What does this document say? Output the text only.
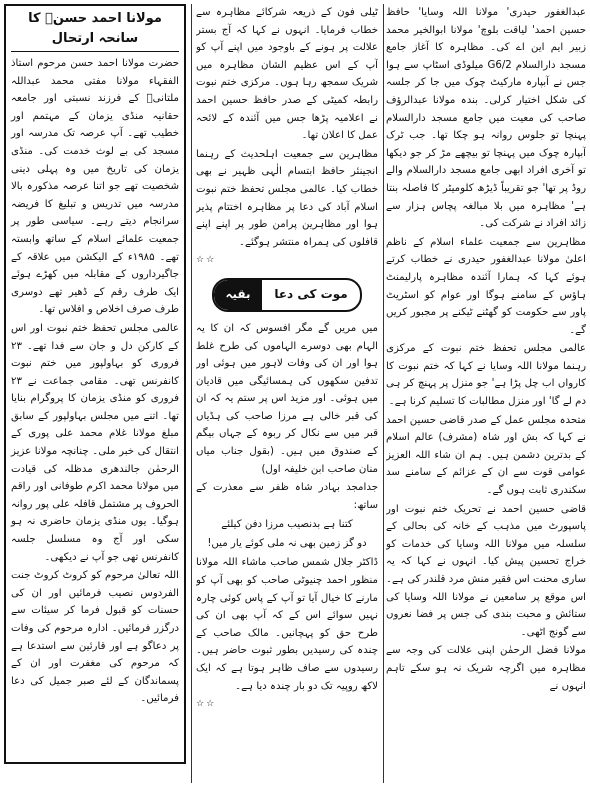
عبدالغفور حیدری' مولانا اللہ وسایا' حافظ حسین احمد' لیاقت بلوچ' مولانا ابوالخیر محمد زبیر ایم این اے کی۔ مظاہرہ کا آغاز جامع مسجد دارالسلام G6/2 میلوڈی اسٹاپ سے ہوا جس نے آبپارہ مارکیٹ چوک میں جا کر جلسہ کی شکل اختیار کرلی۔ بندہ مولانا عبدالرؤف صاحب کی معیت میں جامع مسجد دارالسلام پہنچا تو جلوس روانہ ہو چکا تھا۔ جب ٹرک آبپارہ چوک میں پہنچا تو بیچھے مڑ کر جو دیکھا تو آخری افراد ابھی جامع مسجد دارالسلام والے روڈ پر تھا' جو تقریباً ڈیڑھ کلومیٹر کا فاصلہ بنتا ہے' مظاہرہ میں بلا مبالغہ پچاس ہزار سے زائد افراد نے شرکت کی۔

مظاہرین سے جمعیت علماء اسلام کے ناظم اعلیٰ مولانا عبدالغفور حیدری نے خطاب کرتے ہوئے کہا کہ ہمارا آئندہ مظاہرہ پارلیمنٹ ہاؤس کے سامنے ہوگا اور عوام کو اسٹریٹ پاور سے حکومت کو گھٹنے ٹیکنے پر مجبور کریں گے۔

عالمی مجلس تحفظ ختم نبوت کے مرکزی رہنما مولانا اللہ وسایا نے کہا کہ ختم نبوت کا کارواں اب چل پڑا ہے' جو منزل پر پہنچ کر ہی دم لے گا' اور منزل مطالبات کا تسلیم کرنا ہے۔

متحدہ مجلس عمل کے صدر قاضی حسین احمد نے کہا کہ بش اور شاہ (مشرف) عالم اسلام کے بدترین دشمن ہیں۔ ہم ان شاء اللہ العزیز عوامی قوت سے ان کے عزائم کے سامنے سد سکندری ثابت ہوں گے۔

قاضی حسین احمد نے تحریک ختم نبوت اور پاسپورٹ میں مذہب کے خانہ کی بحالی کے سلسلہ میں مولانا اللہ وسایا کی خدمات کو خراج تحسین پیش کیا۔ انہوں نے کہا کہ یہ ساری محنت اس فقیر منش مرد قلندر کی ہے۔ اس موقع پر سامعین نے مولانا اللہ وسایا کی ستائش و محبت بندی کی جس پر فضا نعروں سے گونج اٹھی۔

مولانا فضل الرحمٰن اپنی علالت کی وجہ سے مظاہرہ میں اگرچہ شریک نہ ہو سکے تاہم انہوں نے

ٹیلی فون کے ذریعہ شرکائے مظاہرہ سے خطاب فرمایا۔ انہوں نے کہا کہ آج بستر علالت پر ہونے کے باوجود میں اپنے آپ کو آپ کے اس عظیم الشان مظاہرہ میں شریک سمجھ رہا ہوں۔ مرکزی ختم نبوت رابطہ کمیٹی کے صدر حافظ حسین احمد نے اعلامیہ پڑھا جس میں آئندہ کے لائحہ عمل کا اعلان تھا۔

مظاہرین سے جمعیت اہلحدیث کے رہنما انجینئر حافظ ابتسام الٰہی ظہیر نے بھی خطاب کیا۔ عالمی مجلس تحفظ ختم نبوت اسلام آباد کی دعا پر مظاہرہ اختتام پذیر ہوا اور مظاہرین پرامن طور پر اپنے اپنے قافلوں کی ہمراہ منتشر ہوگئے۔

☆☆
بقیہ	موت کی دعا

میں مریں گے مگر افسوس کہ ان کا یہ الہام بھی دوسرے الہاموں کی طرح غلط ہوا اور ان کی وفات لاہور میں ہوئی اور تدفین سکھوں کی ہمسائیگی میں قادیان میں ہوئی۔ اور مزید اس پر ستم یہ کہ ان کی قبر خالی ہے مرزا صاحب کی ہڈیاں قبر میں سے نکال کر ربوہ کے جہاں بیگم کے صندوق میں ہیں۔ (بقول جناب میاں منان صاحب ابن خلیفہ اول)

جدامجد بہادر شاہ ظفر سے معذرت کے ساتھ:

کتنا ہے بدنصیب مرزا دفن کیلئے
دو گز زمین بھی نہ ملی کوئے یار میں!

ڈاکٹر جلال شمس صاحب ماشاء اللہ مولانا منظور احمد چنیوٹی صاحب کو بھی آپ کو مارنے کا خیال آیا تو آپ کے پاس کوئی چارہ نہیں سوائے اس کے کہ آپ بھی ان کی طرح حق کو پہچانیں۔ مالک صاحب کے چندہ کی رسیدیں بطور ثبوت حاضر ہیں۔ رسیدوں سے صاف ظاہر ہوتا ہے کہ ایک لاکھ روپیہ تک دو بار چندہ دیا ہے۔

☆☆
مولانا احمد حسنؒ کا سانحہ ارتحال

حضرت مولانا احمد حسن مرحوم استاذ الفقہاء مولانا مفتی محمد عبداللہ ملتانیؒ کے فرزند نسبتی اور جامعہ حقانیہ منڈی یزمان کے مہتمم اور خطیب تھے۔ آپ عرصہ تک مدرسہ اور مسجد کی بے لوث خدمت کی۔ منڈی یزمان کی تاریخ میں وہ پہلی دینی شخصیت تھے جو اتنا عرصہ مذکورہ بالا مدرسہ میں تدریس و تبلیغ کا فریضہ سرانجام دیتے رہے۔ سیاسی طور پر جمعیت علمائے اسلام کے ساتھ وابستہ تھے۔ ۱۹۸۵ء کے الیکشن میں علاقہ کے جاگیرداروں کے مقابلہ میں کھڑے ہوئے ایک طرف رقم کے ڈھیر تھے دوسری طرف صرف اخلاص و افلاس تھا۔

عالمی مجلس تحفظ ختم نبوت اور اس کے کارکن دل و جان سے فدا تھے۔ ۲۳ فروری کو بہاولپور میں ختم نبوت کانفرنس تھی۔ مقامی جماعت نے ۲۳ فروری کو منڈی یزمان کا پروگرام بنایا تھا۔ اتنے میں مجلس بہاولپور کے سابق مبلغ مولانا غلام محمد علی پوری کے انتقال کی خبر ملی۔ چنانچہ مولانا عزیز الرحمٰن جالندھری مدظلہ کی قیادت میں مولانا محمد اکرم طوفانی اور راقم الحروف پر مشتمل قافلہ علی پور روانہ ہوگیا۔ یوں منڈی یزمان حاضری نہ ہو سکی اور آج وہ مسلسل جلسہ کانفرنس تھی جو آپ نے دیکھی۔

اللہ تعالیٰ مرحوم کو کروٹ کروٹ جنت الفردوس نصیب فرمائیں اور ان کی حسنات کو قبول فرما کر سیئات سے درگزر فرمائیں۔ ادارہ مرحوم کی وفات پر دعاگو ہے اور قارئین سے استدعا ہے کہ مرحوم کی مغفرت اور ان کے پسماندگان کے لئے صبر جمیل کی دعا فرمائیں۔
